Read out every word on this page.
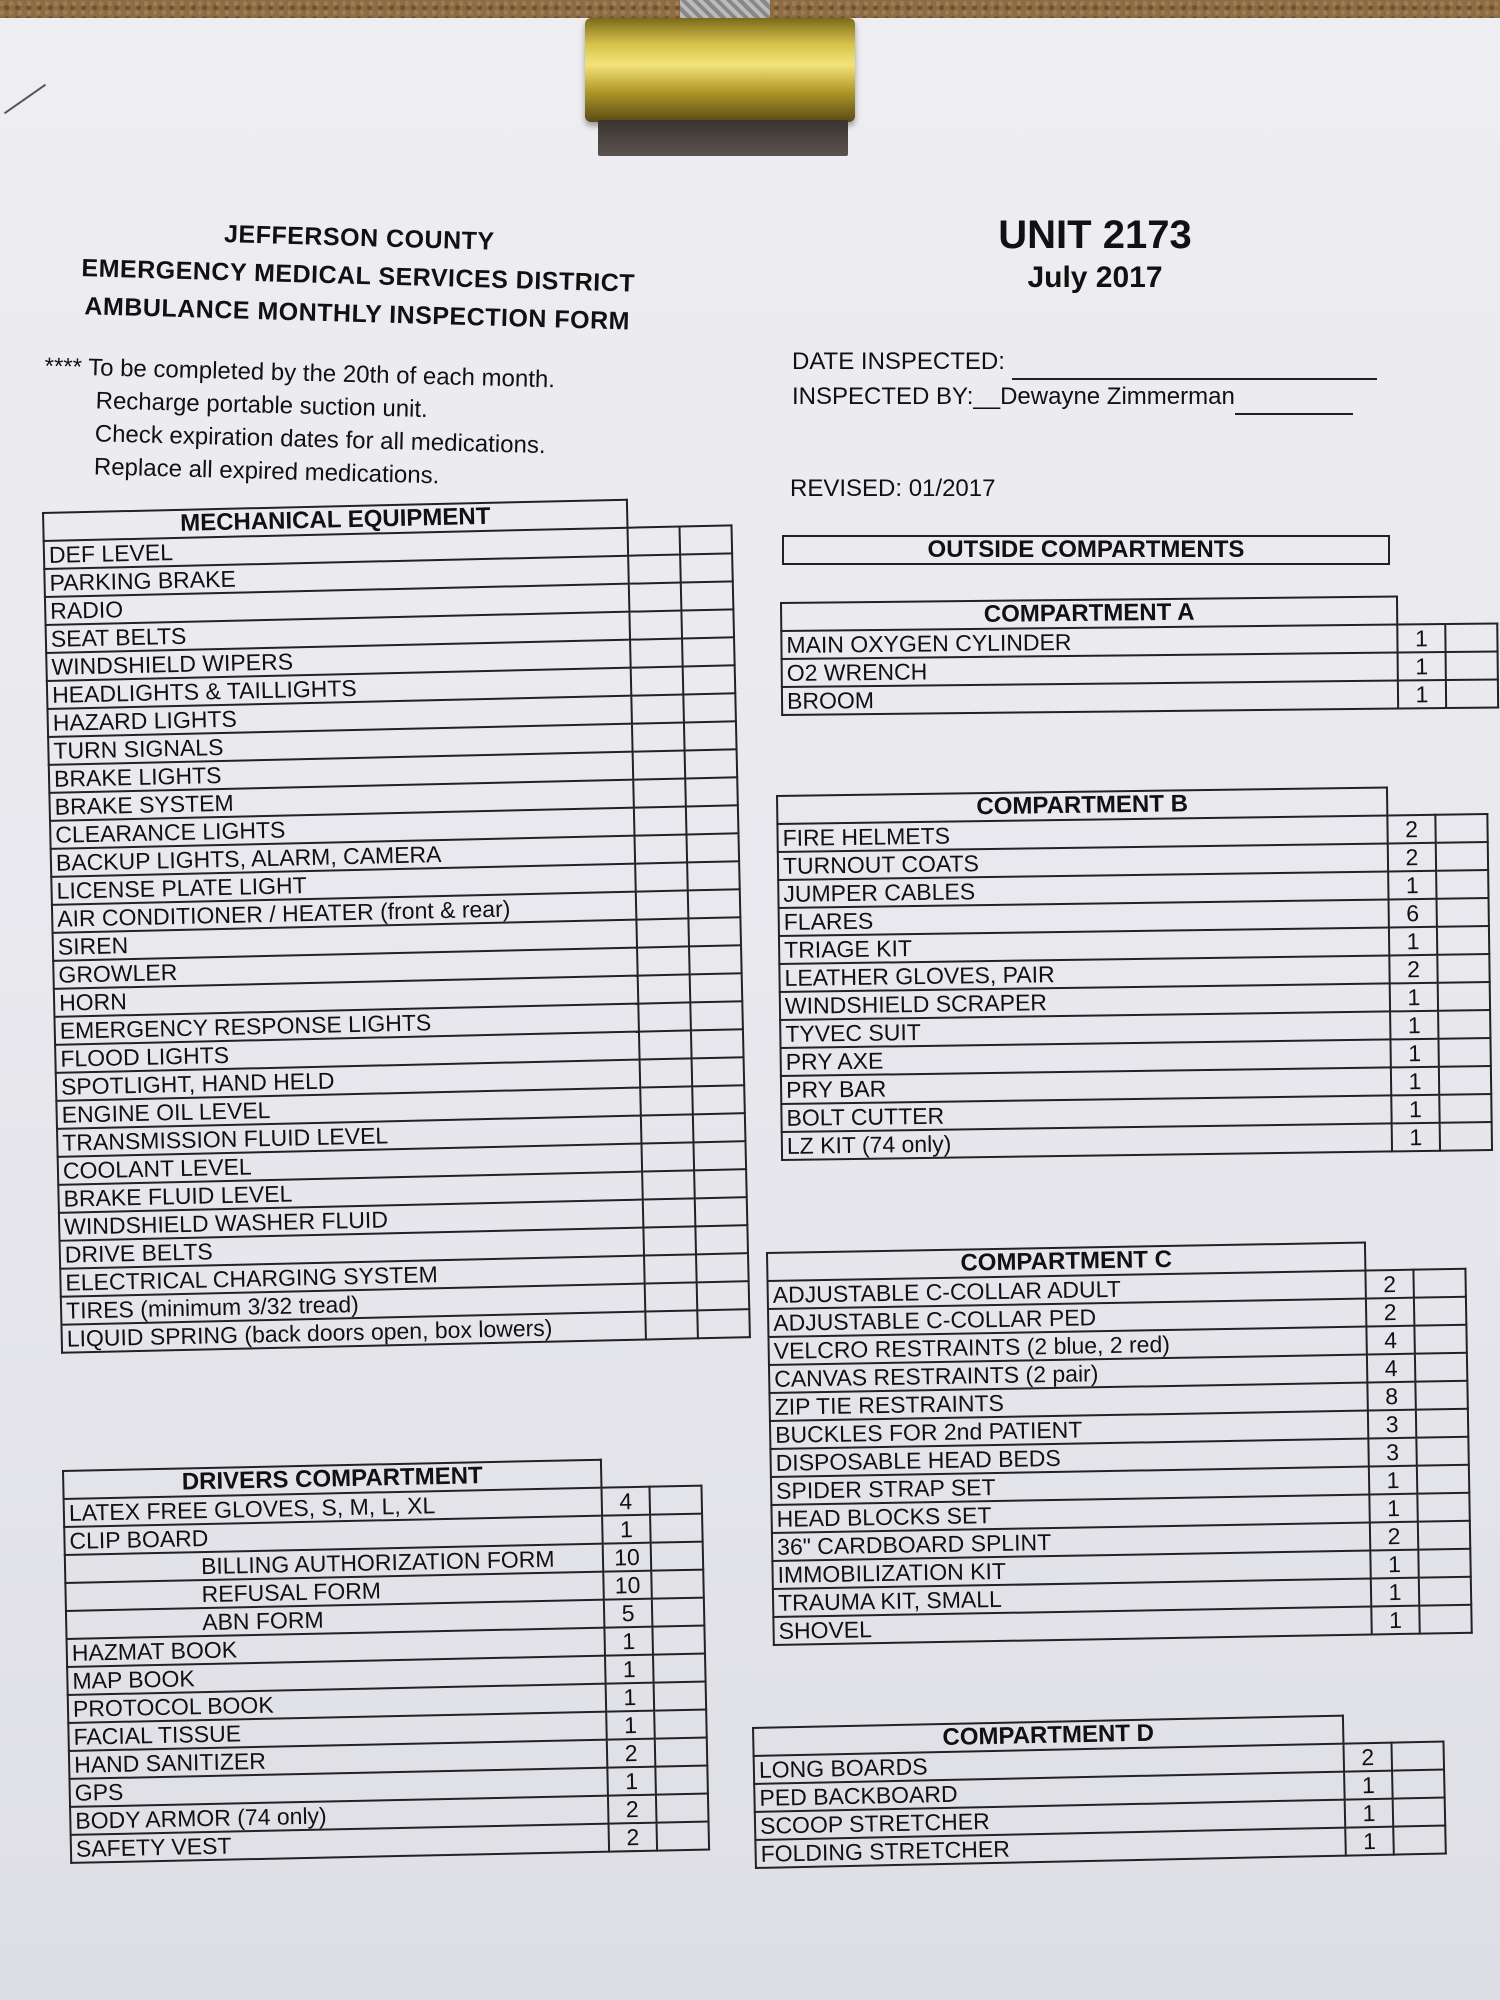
JEFFERSON COUNTY
EMERGENCY MEDICAL SERVICES DISTRICT
AMBULANCE MONTHLY INSPECTION FORM
**** To be completed by the 20th of each month.
Recharge portable suction unit.
Check expiration dates for all medications.
Replace all expired medications.
UNIT 2173
July 2017
DATE INSPECTED:
INSPECTED BY:__Dewayne Zimmerman
REVISED: 01/2017
MECHANICAL EQUIPMENT		
DEF LEVEL		
PARKING BRAKE		
RADIO		
SEAT BELTS		
WINDSHIELD WIPERS		
HEADLIGHTS & TAILLIGHTS		
HAZARD LIGHTS		
TURN SIGNALS		
BRAKE LIGHTS		
BRAKE SYSTEM		
CLEARANCE LIGHTS		
BACKUP LIGHTS, ALARM, CAMERA		
LICENSE PLATE LIGHT		
AIR CONDITIONER / HEATER (front & rear)		
SIREN		
GROWLER		
HORN		
EMERGENCY RESPONSE LIGHTS		
FLOOD LIGHTS		
SPOTLIGHT, HAND HELD		
ENGINE OIL LEVEL		
TRANSMISSION FLUID LEVEL		
COOLANT LEVEL		
BRAKE FLUID LEVEL		
WINDSHIELD WASHER FLUID		
DRIVE BELTS		
ELECTRICAL CHARGING SYSTEM		
TIRES (minimum 3/32 tread)		
LIQUID SPRING (back doors open, box lowers)		
DRIVERS COMPARTMENT		
LATEX FREE GLOVES, S, M, L, XL	4	
CLIP BOARD	1	
BILLING AUTHORIZATION FORM	10	
REFUSAL FORM	10	
ABN FORM	5	
HAZMAT BOOK	1	
MAP BOOK	1	
PROTOCOL BOOK	1	
FACIAL TISSUE	1	
HAND SANITIZER	2	
GPS	1	
BODY ARMOR (74 only)	2	
SAFETY VEST	2	
OUTSIDE COMPARTMENTS
COMPARTMENT A		
MAIN OXYGEN CYLINDER	1	
O2 WRENCH	1	
BROOM	1	
COMPARTMENT B		
FIRE HELMETS	2	
TURNOUT COATS	2	
JUMPER CABLES	1	
FLARES	6	
TRIAGE KIT	1	
LEATHER GLOVES, PAIR	2	
WINDSHIELD SCRAPER	1	
TYVEC SUIT	1	
PRY AXE	1	
PRY BAR	1	
BOLT CUTTER	1	
LZ KIT (74 only)	1	
COMPARTMENT C		
ADJUSTABLE C-COLLAR ADULT	2	
ADJUSTABLE C-COLLAR PED	2	
VELCRO RESTRAINTS (2 blue, 2 red)	4	
CANVAS RESTRAINTS (2 pair)	4	
ZIP TIE RESTRAINTS	8	
BUCKLES FOR 2nd PATIENT	3	
DISPOSABLE HEAD BEDS	3	
SPIDER STRAP SET	1	
HEAD BLOCKS SET	1	
36" CARDBOARD SPLINT	2	
IMMOBILIZATION KIT	1	
TRAUMA KIT, SMALL	1	
SHOVEL	1	
COMPARTMENT D		
LONG BOARDS	2	
PED BACKBOARD	1	
SCOOP STRETCHER	1	
FOLDING STRETCHER	1	
